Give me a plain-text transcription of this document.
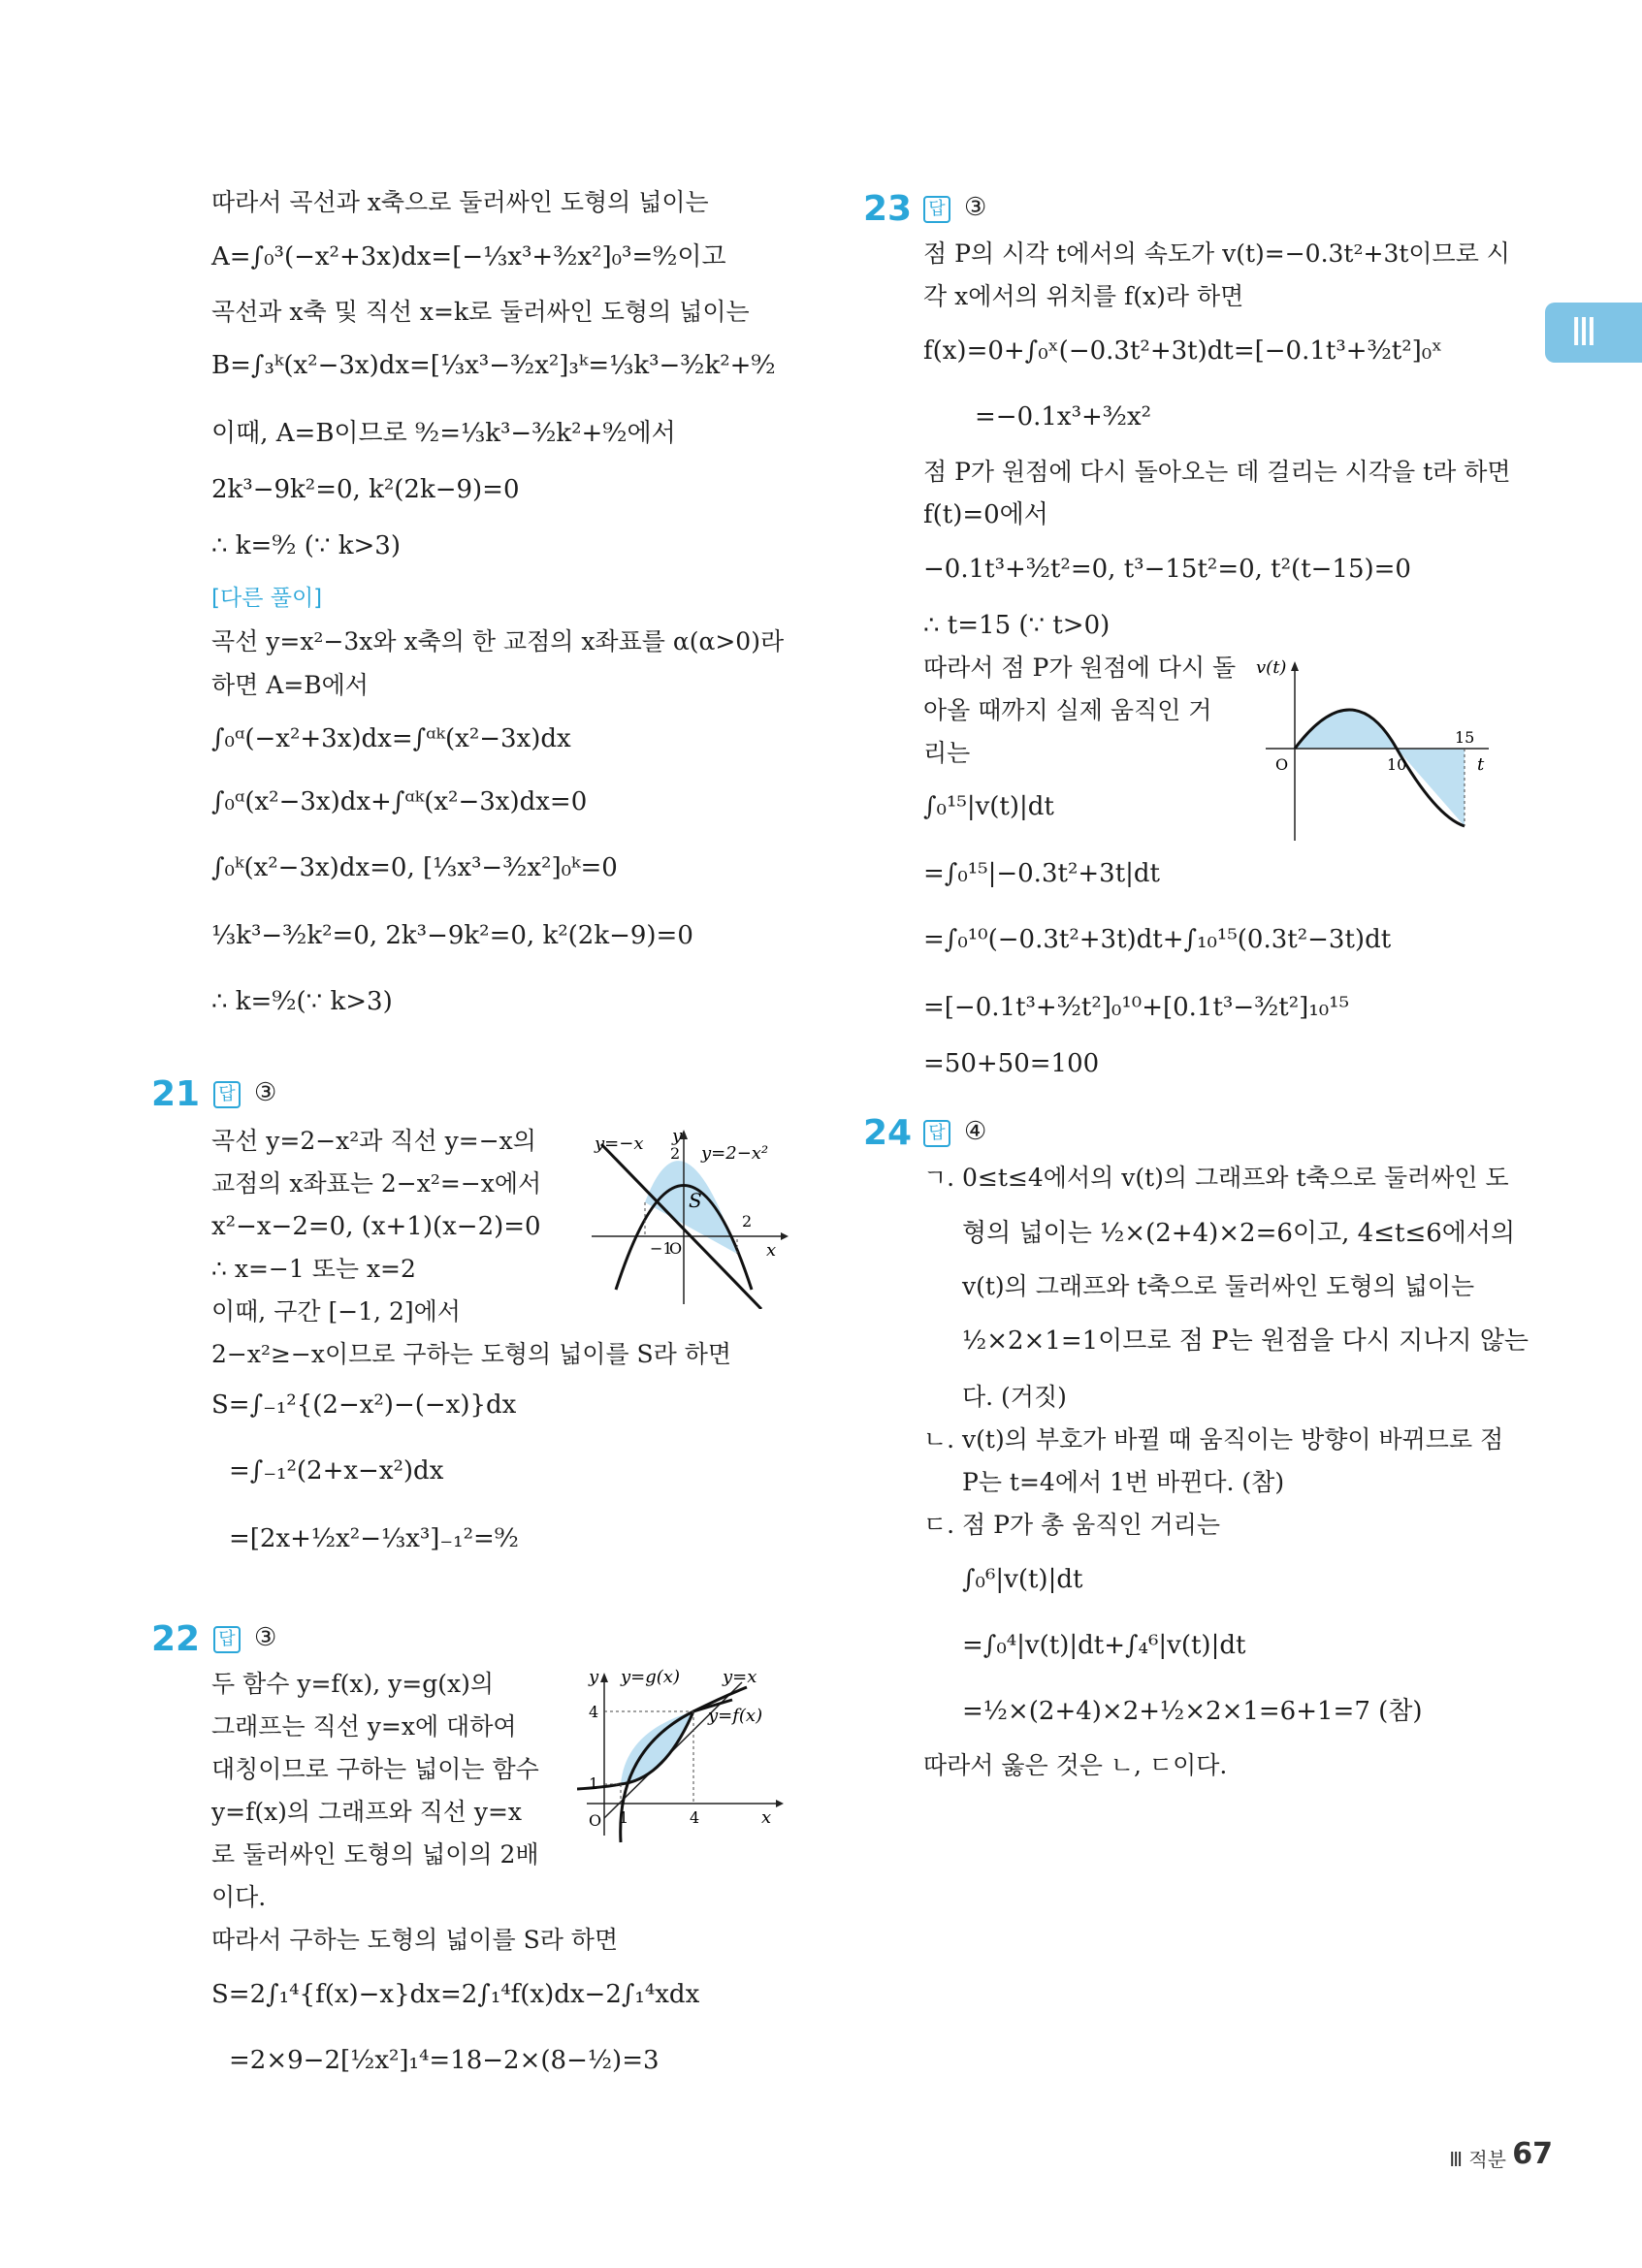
Ⅲ
따라서 곡선과 x축으로 둘러싸인 도형의 넓이는
A=∫₀³(−x²+3x)dx=[−⅓x³+³⁄₂x²]₀³=⁹⁄₂이고
곡선과 x축 및 직선 x=k로 둘러싸인 도형의 넓이는
B=∫₃ᵏ(x²−3x)dx=[⅓x³−³⁄₂x²]₃ᵏ=⅓k³−³⁄₂k²+⁹⁄₂
이때, A=B이므로 ⁹⁄₂=⅓k³−³⁄₂k²+⁹⁄₂에서
2k³−9k²=0, k²(2k−9)=0
∴ k=⁹⁄₂ (∵ k>3)
[다른 풀이]
곡선 y=x²−3x와 x축의 한 교점의 x좌표를 α(α>0)라
하면 A=B에서
∫₀ᵅ(−x²+3x)dx=∫ᵅᵏ(x²−3x)dx
∫₀ᵅ(x²−3x)dx+∫ᵅᵏ(x²−3x)dx=0
∫₀ᵏ(x²−3x)dx=0, [⅓x³−³⁄₂x²]₀ᵏ=0
⅓k³−³⁄₂k²=0, 2k³−9k²=0, k²(2k−9)=0
∴ k=⁹⁄₂(∵ k>3)
21 답 ③
곡선 y=2−x²과 직선 y=−x의
교점의 x좌표는 2−x²=−x에서
x²−x−2=0, (x+1)(x−2)=0
∴ x=−1 또는 x=2
이때, 구간 [−1, 2]에서
2−x²≥−x이므로 구하는 도형의 넓이를 S라 하면
S=∫₋₁²{(2−x²)−(−x)}dx
=∫₋₁²(2+x−x²)dx
=[2x+½x²−⅓x³]₋₁²=⁹⁄₂
y=−x y
y=2−x²
2
S
2
−1
O	x
22 답 ③
두 함수 y=f(x), y=g(x)의
그래프는 직선 y=x에 대하여
대칭이므로 구하는 넓이는 함수
y=f(x)의 그래프와 직선 y=x
로 둘러싸인 도형의 넓이의 2배
이다.
따라서 구하는 도형의 넓이를 S라 하면
S=2∫₁⁴{f(x)−x}dx=2∫₁⁴f(x)dx−2∫₁⁴xdx
=2×9−2[½x²]₁⁴=18−2×(8−½)=3
y y=g(x) y=x
y=f(x)
4
1
O 1	4	x
23 답 ③
점 P의 시각 t에서의 속도가 v(t)=−0.3t²+3t이므로 시
각 x에서의 위치를 f(x)라 하면
f(x)=0+∫₀ˣ(−0.3t²+3t)dt=[−0.1t³+³⁄₂t²]₀ˣ
=−0.1x³+³⁄₂x²
점 P가 원점에 다시 돌아오는 데 걸리는 시각을 t라 하면
f(t)=0에서
−0.1t³+³⁄₂t²=0, t³−15t²=0, t²(t−15)=0
∴ t=15 (∵ t>0)
따라서 점 P가 원점에 다시 돌
아올 때까지 실제 움직인 거
리는
∫₀¹⁵|v(t)|dt
=∫₀¹⁵|−0.3t²+3t|dt
=∫₀¹⁰(−0.3t²+3t)dt+∫₁₀¹⁵(0.3t²−3t)dt
=[−0.1t³+³⁄₂t²]₀¹⁰+[0.1t³−³⁄₂t²]₁₀¹⁵
=50+50=100
v(t)
O	10
15
t
24 답 ④
ㄱ. 0≤t≤4에서의 v(t)의 그래프와 t축으로 둘러싸인 도
형의 넓이는 ½×(2+4)×2=6이고, 4≤t≤6에서의
v(t)의 그래프와 t축으로 둘러싸인 도형의 넓이는
½×2×1=1이므로 점 P는 원점을 다시 지나지 않는
다. (거짓)
ㄴ. v(t)의 부호가 바뀔 때 움직이는 방향이 바뀌므로 점
P는 t=4에서 1번 바뀐다. (참)
ㄷ. 점 P가 총 움직인 거리는
∫₀⁶|v(t)|dt
=∫₀⁴|v(t)|dt+∫₄⁶|v(t)|dt
=½×(2+4)×2+½×2×1=6+1=7 (참)
따라서 옳은 것은 ㄴ, ㄷ이다.
Ⅲ 적분 67
